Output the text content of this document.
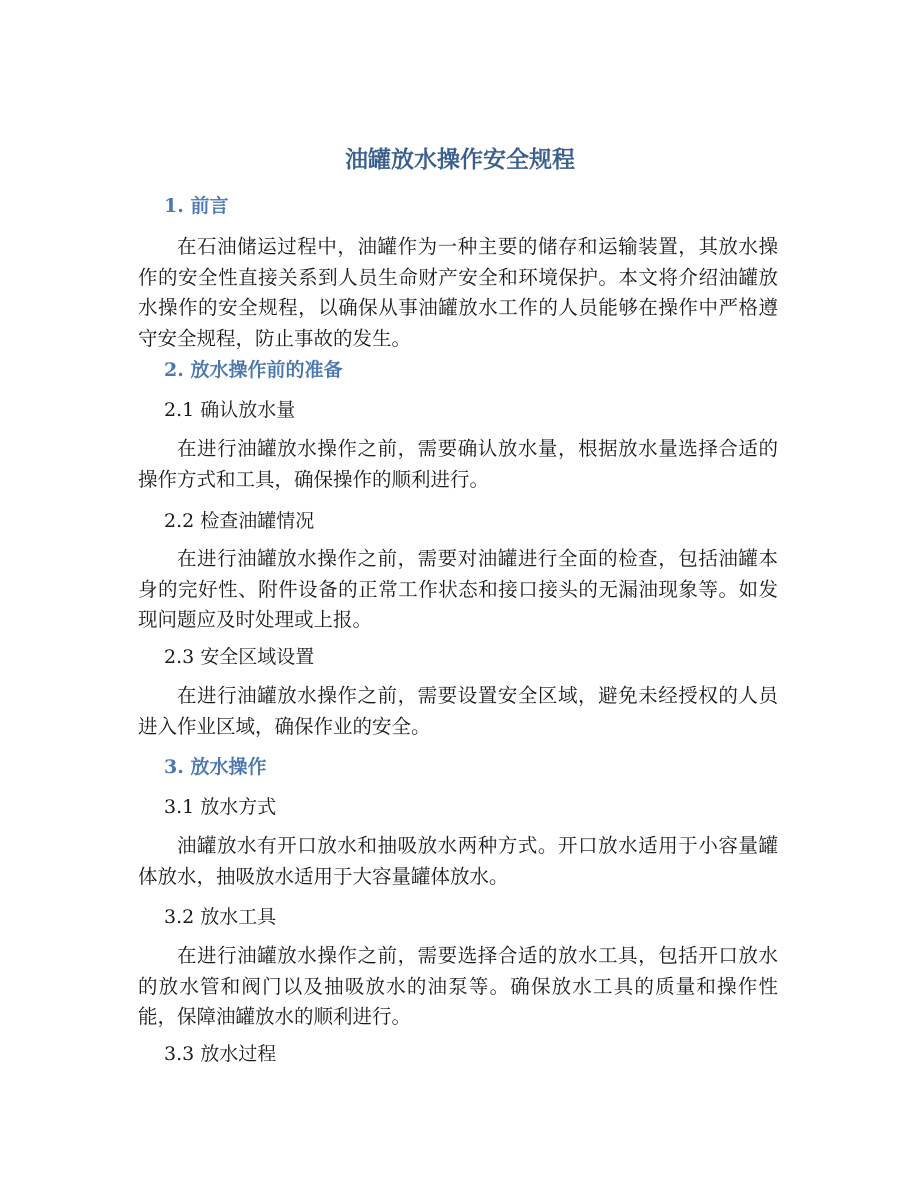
油罐放水操作安全规程
1. 前言

在石油储运过程中，油罐作为一种主要的储存和运输装置，其放水操作的安全性直接关系到人员生命财产安全和环境保护。本文将介绍油罐放水操作的安全规程，以确保从事油罐放水工作的人员能够在操作中严格遵守安全规程，防止事故的发生。

2. 放水操作前的准备
2.1 确认放水量

在进行油罐放水操作之前，需要确认放水量，根据放水量选择合适的操作方式和工具，确保操作的顺利进行。

2.2 检查油罐情况

在进行油罐放水操作之前，需要对油罐进行全面的检查，包括油罐本身的完好性、附件设备的正常工作状态和接口接头的无漏油现象等。如发现问题应及时处理或上报。

2.3 安全区域设置

在进行油罐放水操作之前，需要设置安全区域，避免未经授权的人员进入作业区域，确保作业的安全。

3. 放水操作
3.1 放水方式

油罐放水有开口放水和抽吸放水两种方式。开口放水适用于小容量罐体放水，抽吸放水适用于大容量罐体放水。

3.2 放水工具

在进行油罐放水操作之前，需要选择合适的放水工具，包括开口放水的放水管和阀门以及抽吸放水的油泵等。确保放水工具的质量和操作性能，保障油罐放水的顺利进行。

3.3 放水过程
